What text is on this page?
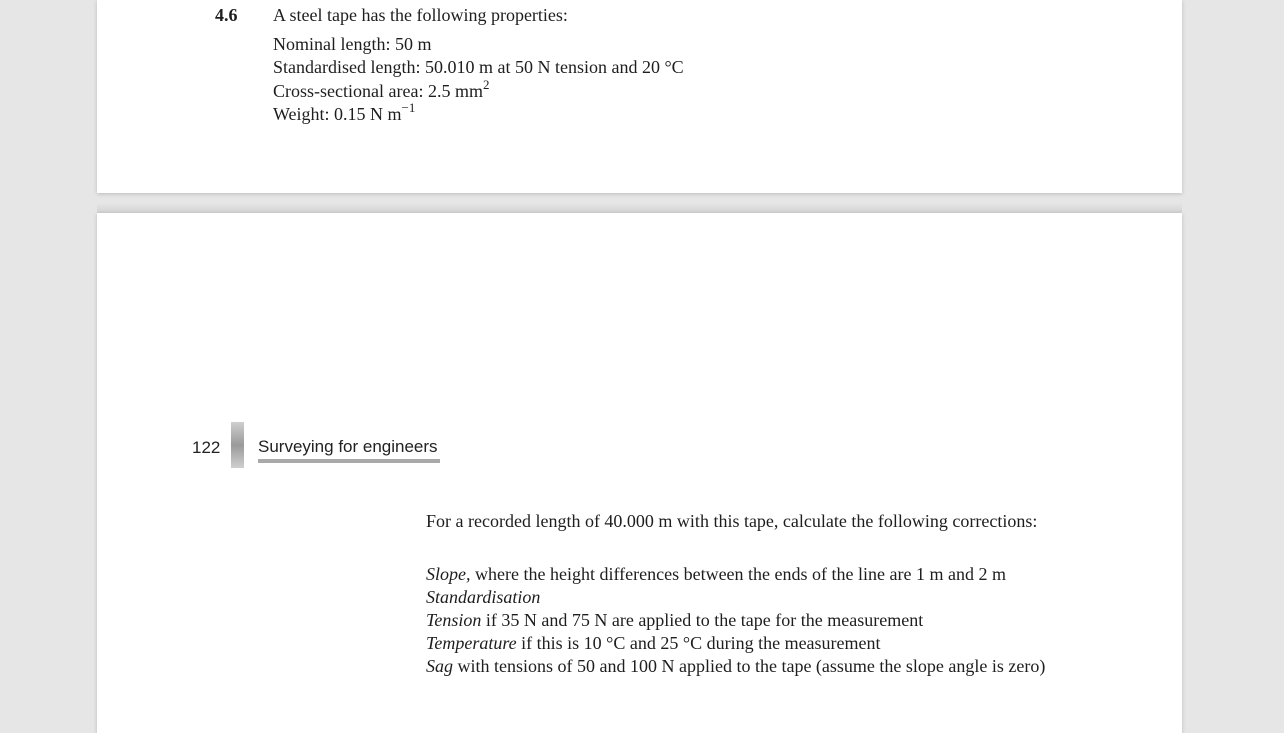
4.6 A steel tape has the following properties:
Nominal length: 50 m
Standardised length: 50.010 m at 50 N tension and 20 °C
Cross-sectional area: 2.5 $mm^2$
Weight: 0.15 N $m^{-1}$
122 Surveying for engineers
For a recorded length of 40.000 m with this tape, calculate the following corrections:
Slope, where the height differences between the ends of the line are 1 m and 2 m
Standardisation
Tension if 35 N and 75 N are applied to the tape for the measurement
Temperature if this is 10 °C and 25 °C during the measurement
Sag with tensions of 50 and 100 N applied to the tape (assume the slope angle is zero)
